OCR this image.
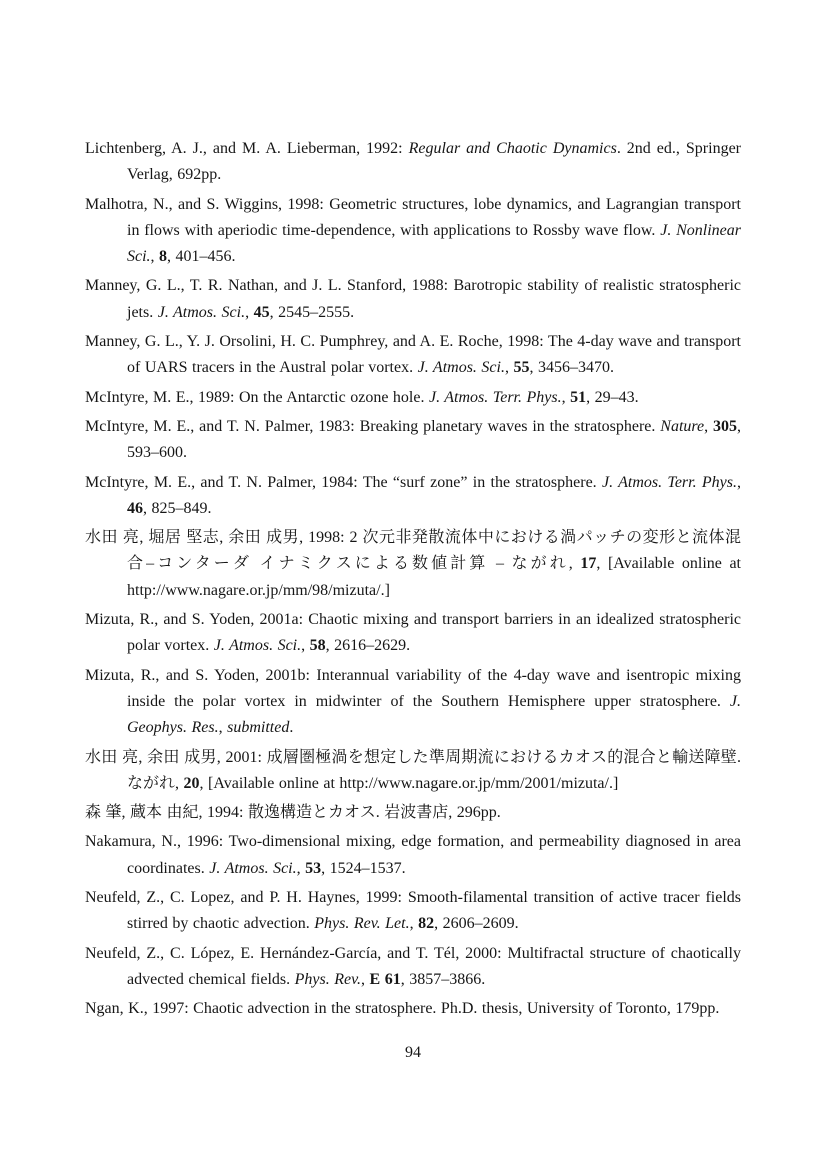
Lichtenberg, A. J., and M. A. Lieberman, 1992: Regular and Chaotic Dynamics. 2nd ed., Springer Verlag, 692pp.

Malhotra, N., and S. Wiggins, 1998: Geometric structures, lobe dynamics, and Lagrangian transport in flows with aperiodic time-dependence, with applications to Rossby wave flow. J. Nonlinear Sci., 8, 401–456.

Manney, G. L., T. R. Nathan, and J. L. Stanford, 1988: Barotropic stability of realistic stratospheric jets. J. Atmos. Sci., 45, 2545–2555.

Manney, G. L., Y. J. Orsolini, H. C. Pumphrey, and A. E. Roche, 1998: The 4-day wave and transport of UARS tracers in the Austral polar vortex. J. Atmos. Sci., 55, 3456–3470.

McIntyre, M. E., 1989: On the Antarctic ozone hole. J. Atmos. Terr. Phys., 51, 29–43.

McIntyre, M. E., and T. N. Palmer, 1983: Breaking planetary waves in the stratosphere. Nature, 305, 593–600.

McIntyre, M. E., and T. N. Palmer, 1984: The “surf zone” in the stratosphere. J. Atmos. Terr. Phys., 46, 825–849.

水田 亮, 堀居 堅志, 余田 成男, 1998: 2 次元非発散流体中における渦パッチの変形と流体混合–コンターダ イナミクスによる数値計算 – ながれ, 17, [Available online at http://www.nagare.or.jp/mm/98/mizuta/.]

Mizuta, R., and S. Yoden, 2001a: Chaotic mixing and transport barriers in an idealized stratospheric polar vortex. J. Atmos. Sci., 58, 2616–2629.

Mizuta, R., and S. Yoden, 2001b: Interannual variability of the 4-day wave and isentropic mixing inside the polar vortex in midwinter of the Southern Hemisphere upper stratosphere. J. Geophys. Res., submitted.

水田 亮, 余田 成男, 2001: 成層圏極渦を想定した準周期流におけるカオス的混合と輸送障壁. ながれ, 20, [Available online at http://www.nagare.or.jp/mm/2001/mizuta/.]

森 肇, 蔵本 由紀, 1994: 散逸構造とカオス. 岩波書店, 296pp.

Nakamura, N., 1996: Two-dimensional mixing, edge formation, and permeability diagnosed in area coordinates. J. Atmos. Sci., 53, 1524–1537.

Neufeld, Z., C. Lopez, and P. H. Haynes, 1999: Smooth-filamental transition of active tracer fields stirred by chaotic advection. Phys. Rev. Let., 82, 2606–2609.

Neufeld, Z., C. López, E. Hernández-García, and T. Tél, 2000: Multifractal structure of chaotically advected chemical fields. Phys. Rev., E 61, 3857–3866.

Ngan, K., 1997: Chaotic advection in the stratosphere. Ph.D. thesis, University of Toronto, 179pp.

94
